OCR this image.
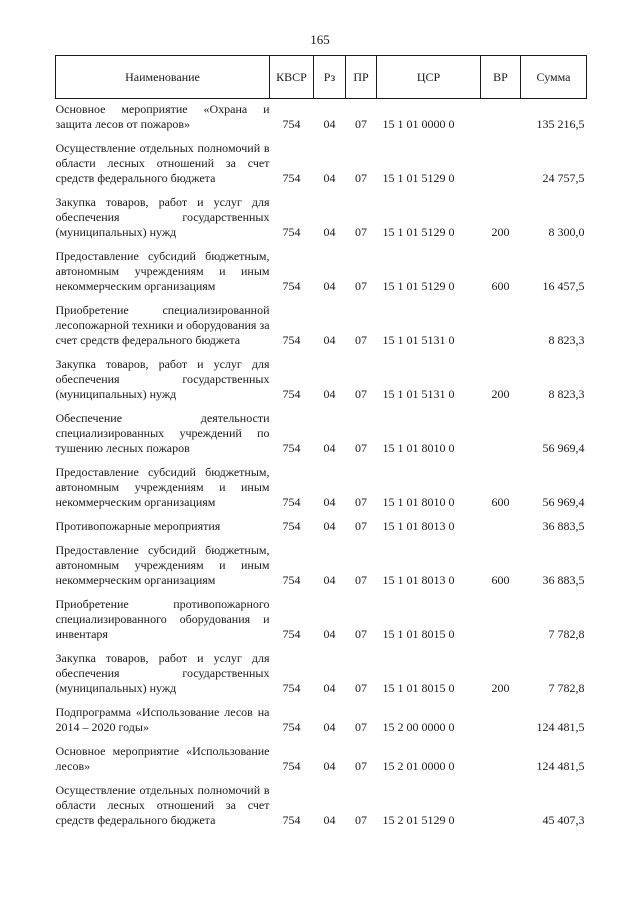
165
Наименование	КВСР	Рз	ПР	ЦСР	ВР	Сумма
Основное мероприятие «Охрана и защита лесов от пожаров»	754	04	07	15 1 01 0000 0		135 216,5
Осуществление отдельных полномочий в области лесных отношений за счет средств федерального бюджета	754	04	07	15 1 01 5129 0		24 757,5
Закупка товаров, работ и услуг для обеспечения государственных (муниципальных) нужд	754	04	07	15 1 01 5129 0	200	8 300,0
Предоставление субсидий бюджетным, автономным учреждениям и иным некоммерческим организациям	754	04	07	15 1 01 5129 0	600	16 457,5
Приобретение специализированной лесопожарной техники и оборудования за счет средств федерального бюджета	754	04	07	15 1 01 5131 0		8 823,3
Закупка товаров, работ и услуг для обеспечения государственных (муниципальных) нужд	754	04	07	15 1 01 5131 0	200	8 823,3
Обеспечение деятельности специализированных учреждений по тушению лесных пожаров	754	04	07	15 1 01 8010 0		56 969,4
Предоставление субсидий бюджетным, автономным учреждениям и иным некоммерческим организациям	754	04	07	15 1 01 8010 0	600	56 969,4
Противопожарные мероприятия	754	04	07	15 1 01 8013 0		36 883,5
Предоставление субсидий бюджетным, автономным учреждениям и иным некоммерческим организациям	754	04	07	15 1 01 8013 0	600	36 883,5
Приобретение противопожарного специализированного оборудования и инвентаря	754	04	07	15 1 01 8015 0		7 782,8
Закупка товаров, работ и услуг для обеспечения государственных (муниципальных) нужд	754	04	07	15 1 01 8015 0	200	7 782,8
Подпрограмма «Использование лесов на 2014 – 2020 годы»	754	04	07	15 2 00 0000 0		124 481,5
Основное мероприятие «Использование лесов»	754	04	07	15 2 01 0000 0		124 481,5
Осуществление отдельных полномочий в области лесных отношений за счет средств федерального бюджета	754	04	07	15 2 01 5129 0		45 407,3
